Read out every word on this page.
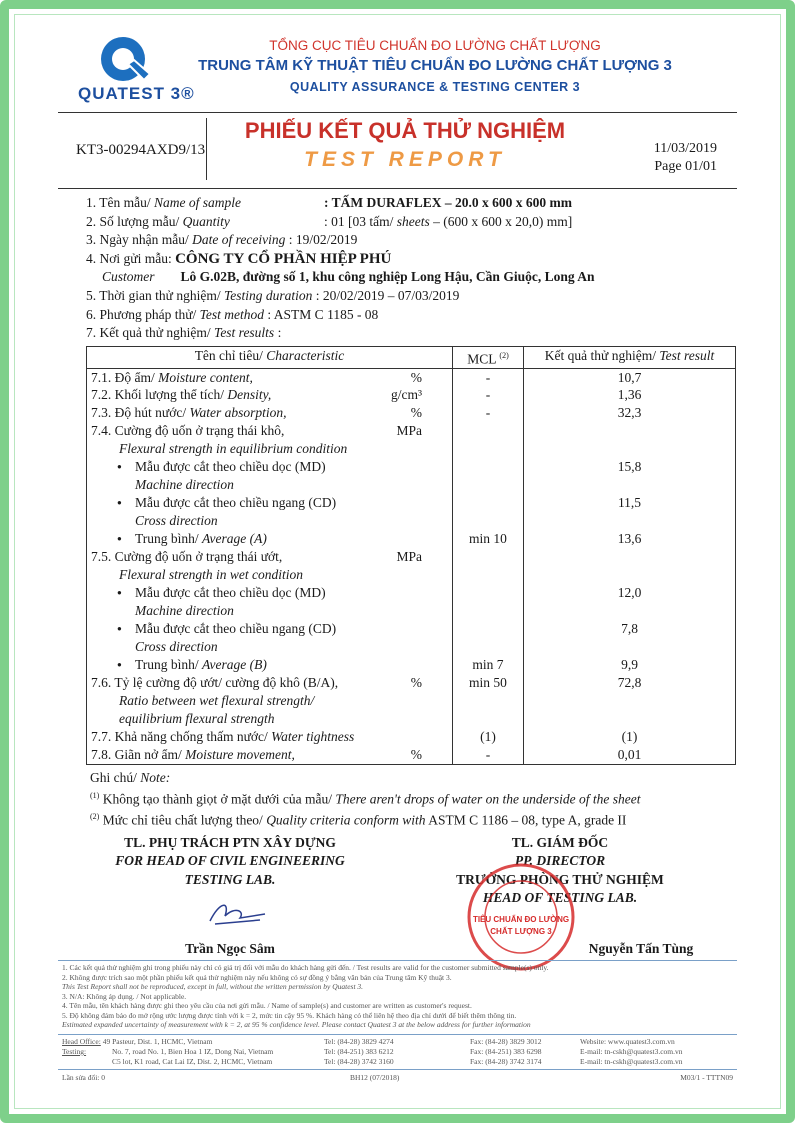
QUATEST 3®
TỔNG CỤC TIÊU CHUẨN ĐO LƯỜNG CHẤT LƯỢNG
TRUNG TÂM KỸ THUẬT TIÊU CHUẨN ĐO LƯỜNG CHẤT LƯỢNG 3
QUALITY ASSURANCE & TESTING CENTER 3
KT3-00294AXD9/13
PHIẾU KẾT QUẢ THỬ NGHIỆM
TEST REPORT	11/03/2019
Page 01/01
1. Tên mẫu/ Name of sample	: TẤM DURAFLEX – 20.0 x 600 x 600 mm
2. Số lượng mẫu/ Quantity	: 01 [03 tấm/ sheets – (600 x 600 x 20,0) mm]
3. Ngày nhận mẫu/ Date of receiving : 19/02/2019
4. Nơi gửi mẫu: CÔNG TY CỔ PHẦN HIỆP PHÚ
Customer Lô G.02B, đường số 1, khu công nghiệp Long Hậu, Cần Giuộc, Long An
5. Thời gian thử nghiệm/ Testing duration : 20/02/2019 – 07/03/2019
6. Phương pháp thử/ Test method : ASTM C 1185 - 08
7. Kết quả thử nghiệm/ Test results :
Tên chỉ tiêu/ Characteristic	MCL $^{(2)}$	Kết quả thử nghiệm/ Test result
7.1. Độ ẩm/ Moisture content, %	-	10,7
7.2. Khối lượng thể tích/ Density, g/cm³	-	1,36
7.3. Độ hút nước/ Water absorption, %	-	32,3
7.4. Cường độ uốn ở trạng thái khô, MPa		

Flexural strength in equilibrium condition

● Mẫu được cắt theo chiều dọc (MD)		15,8
Machine direction

● Mẫu được cắt theo chiều ngang (CD)		11,5
Cross direction

● Trung bình/ Average (A)	min 10	13,6
7.5. Cường độ uốn ở trạng thái ướt, MPa		

Flexural strength in wet condition

● Mẫu được cắt theo chiều dọc (MD)		12,0
Machine direction

● Mẫu được cắt theo chiều ngang (CD)		7,8
Cross direction

● Trung bình/ Average (B)	min 7	9,9
7.6. Tỷ lệ cường độ ướt/ cường độ khô (B/A), %	min 50	72,8
Ratio between wet flexural strength/

equilibrium flexural strength

7.7. Khả năng chống thấm nước/ Water tightness	(1)	(1)
7.8. Giãn nở ẩm/ Moisture movement, %	-	0,01
Ghi chú/ Note:
$^{(1)}$ Không tạo thành giọt ở mặt dưới của mẫu/ There aren't drops of water on the underside of the sheet
$^{(2)}$ Mức chỉ tiêu chất lượng theo/ Quality criteria conform with ASTM C 1186 – 08, type A, grade II
TL. PHỤ TRÁCH PTN XÂY DỰNG
FOR HEAD OF CIVIL ENGINEERING
TESTING LAB.
Trần Ngọc Sâm
TL. GIÁM ĐỐC
PP. DIRECTOR
TRƯỞNG PHÒNG THỬ NGHIỆM
HEAD OF TESTING LAB.
TIÊU CHUẨN ĐO LƯỜNG
CHẤT LƯỢNG 3
Nguyễn Tấn Tùng
1. Các kết quả thử nghiệm ghi trong phiếu này chỉ có giá trị đối với mẫu do khách hàng gửi đến. / Test results are valid for the customer submitted sample(s) only.
2. Không được trích sao một phần phiếu kết quả thử nghiệm này nếu không có sự đồng ý bằng văn bản của Trung tâm Kỹ thuật 3.
This Test Report shall not be reproduced, except in full, without the written permission by Quatest 3.
3. N/A: Không áp dụng. / Not applicable.
4. Tên mẫu, tên khách hàng được ghi theo yêu cầu của nơi gửi mẫu. / Name of sample(s) and customer are written as customer's request.
5. Độ không đảm bảo đo mở rộng ước lượng được tính với k = 2, mức tin cậy 95 %. Khách hàng có thể liên hệ theo địa chỉ dưới để biết thêm thông tin.
Estimated expanded uncertainty of measurement with k = 2, at 95 % confidence level. Please contact Quatest 3 at the below address for further information
Head Office: 49 Pasteur, Dist. 1, HCMC, Vietnam	Tel: (84-28) 3829 4274	Fax: (84-28) 3829 3012	Website: www.quatest3.com.vn
Testing:	No. 7, road No. 1, Bien Hoa 1 IZ, Dong Nai, Vietnam	Tel: (84-251) 383 6212	Fax: (84-251) 383 6298	E-mail: tn-cskh@quatest3.com.vn
C5 lot, K1 road, Cat Lai IZ, Dist. 2, HCMC, Vietnam	Tel: (84-28) 3742 3160	Fax: (84-28) 3742 3174	E-mail: tn-cskh@quatest3.com.vn
Lần sửa đổi: 0	BH12 (07/2018)	M03/1 - TTTN09
